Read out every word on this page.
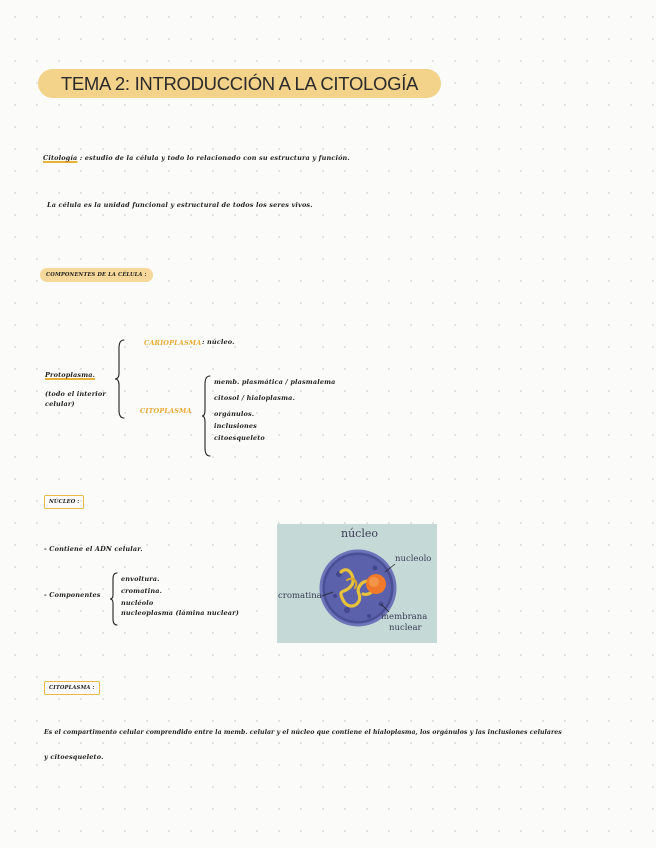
TEMA 2: INTRODUCCIÓN A LA CITOLOGÍA
Citología : estudio de la célula y todo lo relacionado con su estructura y función.
La célula es la unidad funcional y estructural de todos los seres vivos.
COMPONENTES DE LA CÉLULA :
Protoplasma.
(todo el interior
celular)
CARIOPLASMA : núcleo.
CITOPLASMA
memb. plasmática / plasmalema
citosol / hialoplasma.
orgánulos.
inclusiones
citoesqueleto
NÚCLEO :
- Contiene el ADN celular.
- Componentes
envoltura.
cromatina.
nucléolo
nucleoplasma (lámina nuclear)
núcleo
nucleolo
cromatina
membrana
nuclear
CITOPLASMA :
Es el compartimento celular comprendido entre la memb. celular y el núcleo que contiene el hialoplasma, los orgánulos y las inclusiones celulares
y citoesqueleto.
